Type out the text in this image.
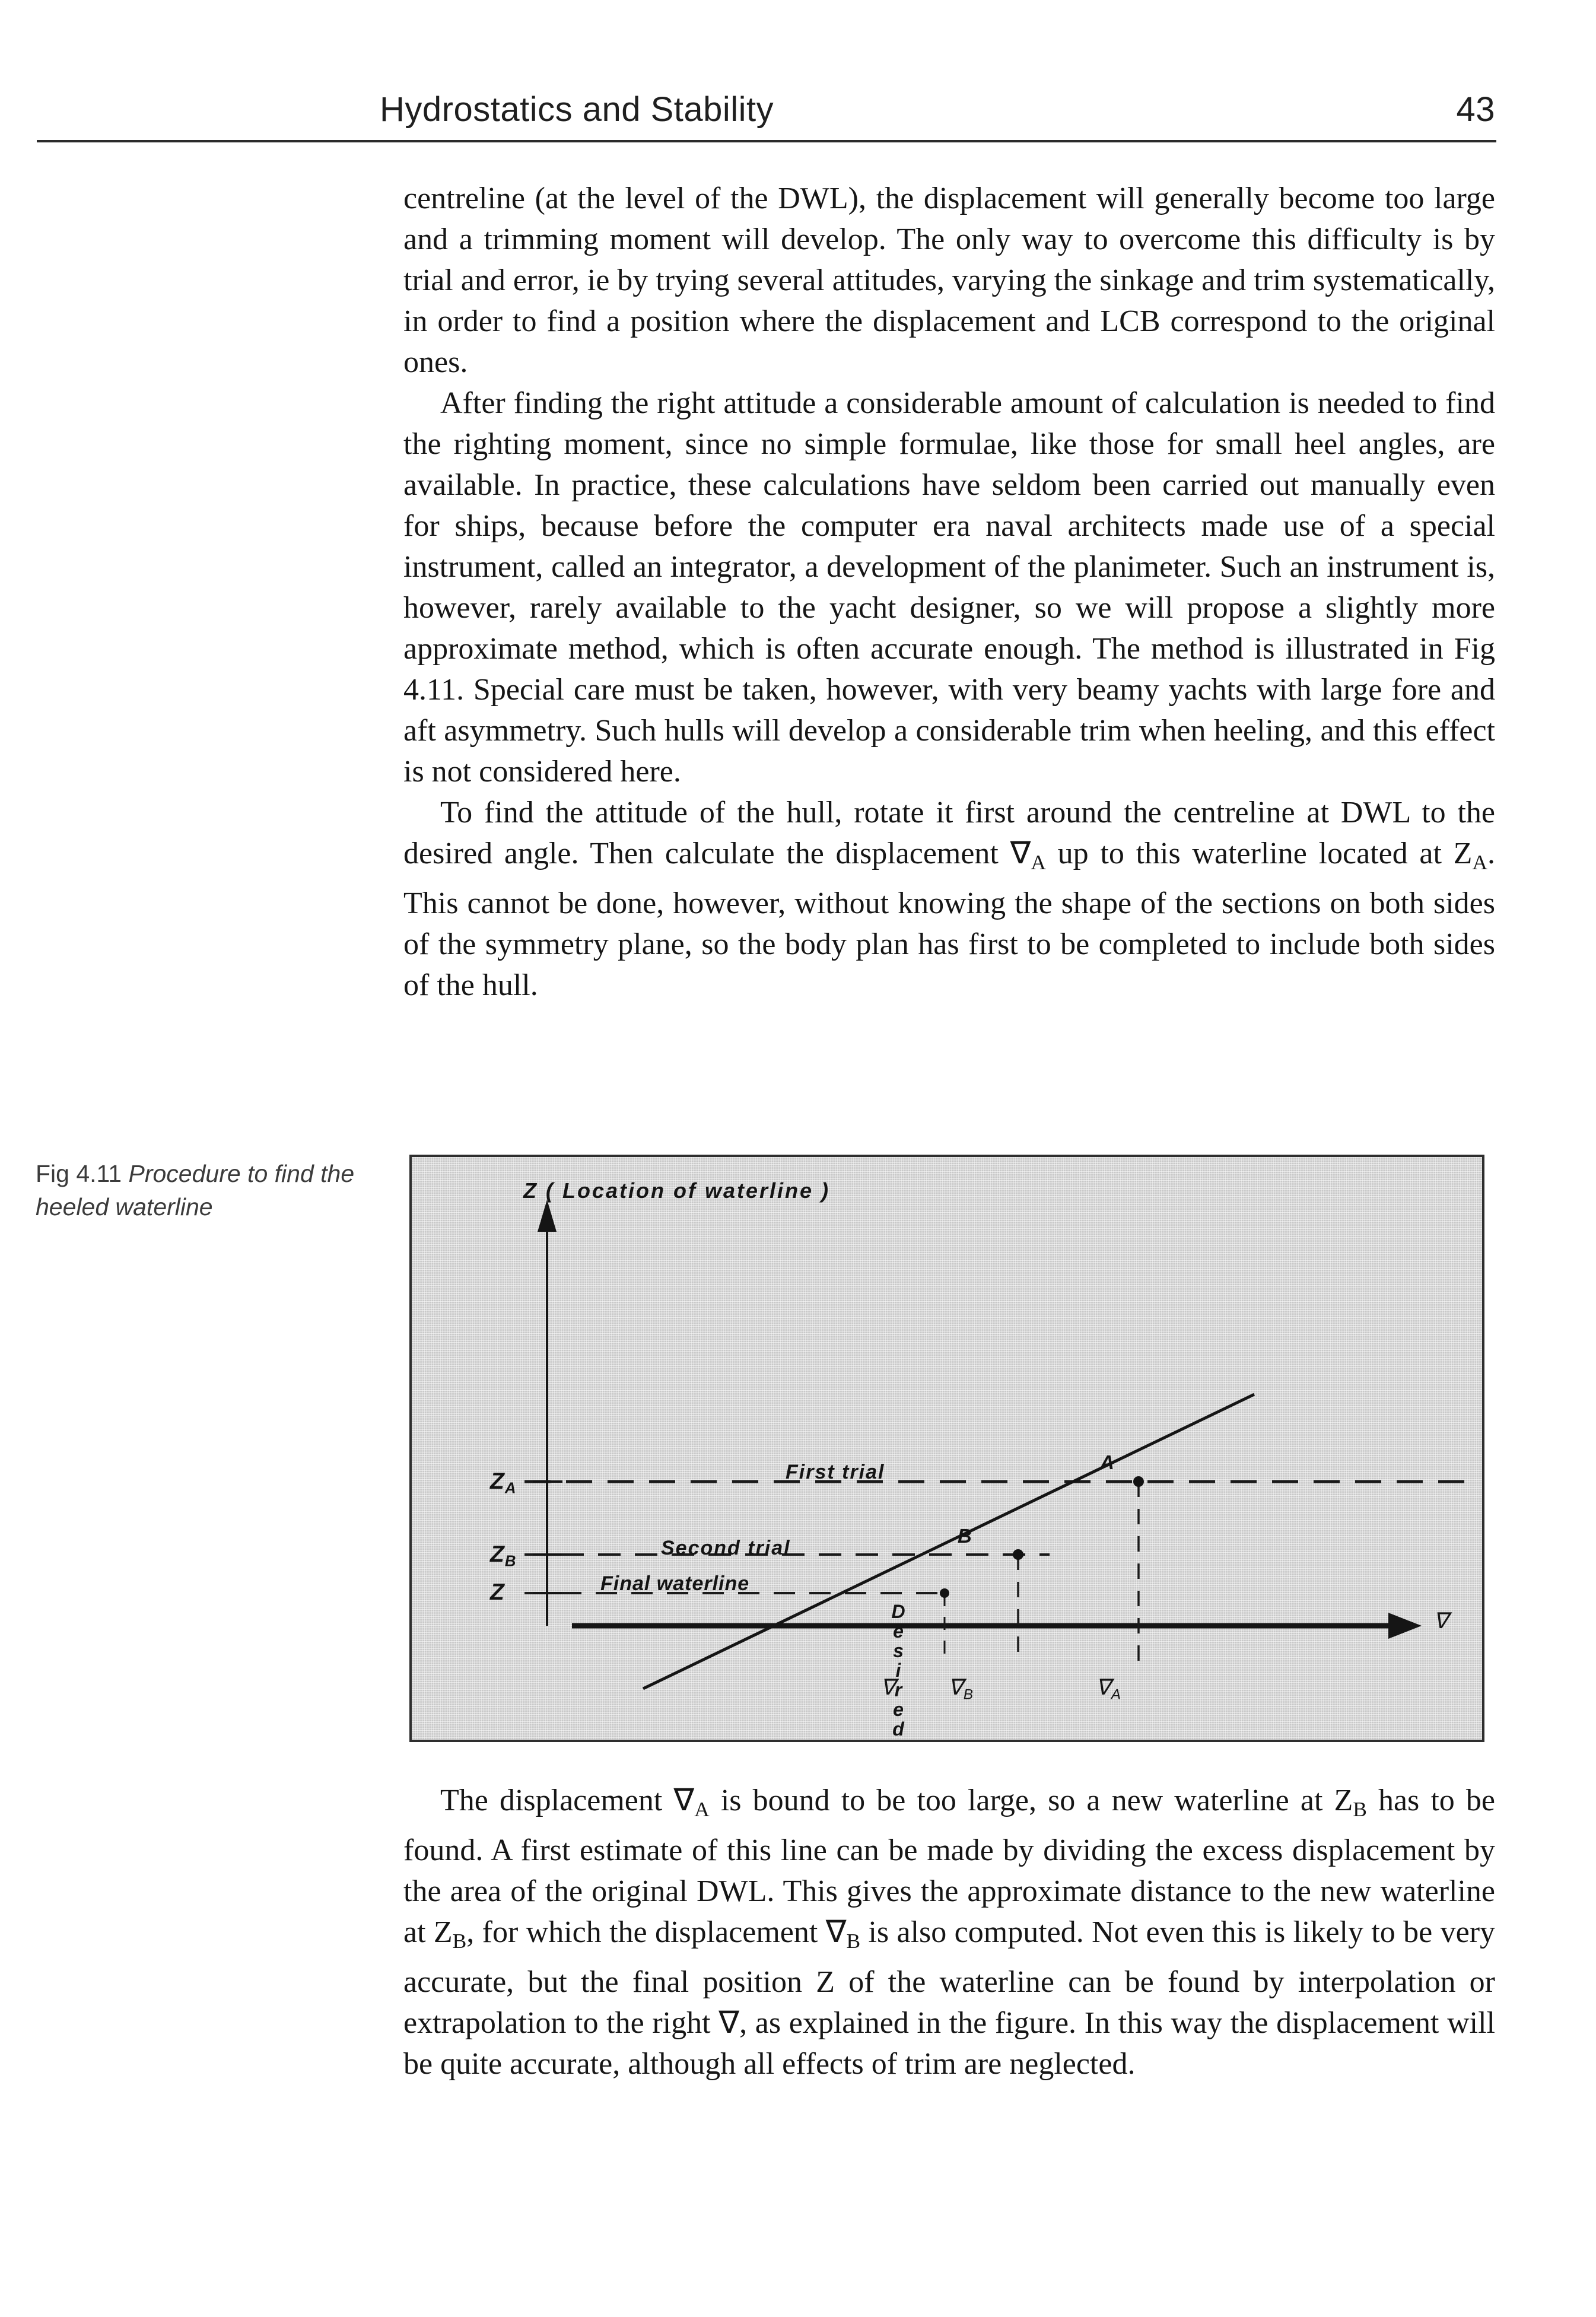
Hydrostatics and Stability	43

centreline (at the level of the DWL), the displacement will generally become too large and a trimming moment will develop. The only way to overcome this difficulty is by trial and error, ie by trying several attitudes, varying the sinkage and trim systematically, in order to find a position where the displacement and LCB correspond to the original ones.

After finding the right attitude a considerable amount of calculation is needed to find the righting moment, since no simple formulae, like those for small heel angles, are available. In practice, these calculations have seldom been carried out manually even for ships, because before the computer era naval architects made use of a special instrument, called an integrator, a development of the planimeter. Such an instrument is, however, rarely available to the yacht designer, so we will propose a slightly more approximate method, which is often accurate enough. The method is illustrated in Fig 4.11. Special care must be taken, however, with very beamy yachts with large fore and aft asymmetry. Such hulls will develop a considerable trim when heeling, and this effect is not considered here.

To find the attitude of the hull, rotate it first around the centreline at DWL to the desired angle. Then calculate the displacement $\nabla_A$ up to this waterline located at $Z_A$. This cannot be done, however, without knowing the shape of the sections on both sides of the symmetry plane, so the body plan has first to be completed to include both sides of the hull.

Fig 4.11 Procedure to find the heeled waterline
Z ( Location of waterline )
First trial
Second trial
Final waterline
A
B
ZA
ZB
Z
∇ ∇B	∇A
∇
D
e
s
i
r
e
d

The displacement $\nabla_A$ is bound to be too large, so a new waterline at $Z_B$ has to be found. A first estimate of this line can be made by dividing the excess displacement by the area of the original DWL. This gives the approximate distance to the new waterline at $Z_B$, for which the displacement $\nabla_B$ is also computed. Not even this is likely to be very accurate, but the final position Z of the waterline can be found by interpolation or extrapolation to the right ∇, as explained in the figure. In this way the displacement will be quite accurate, although all effects of trim are neglected.
